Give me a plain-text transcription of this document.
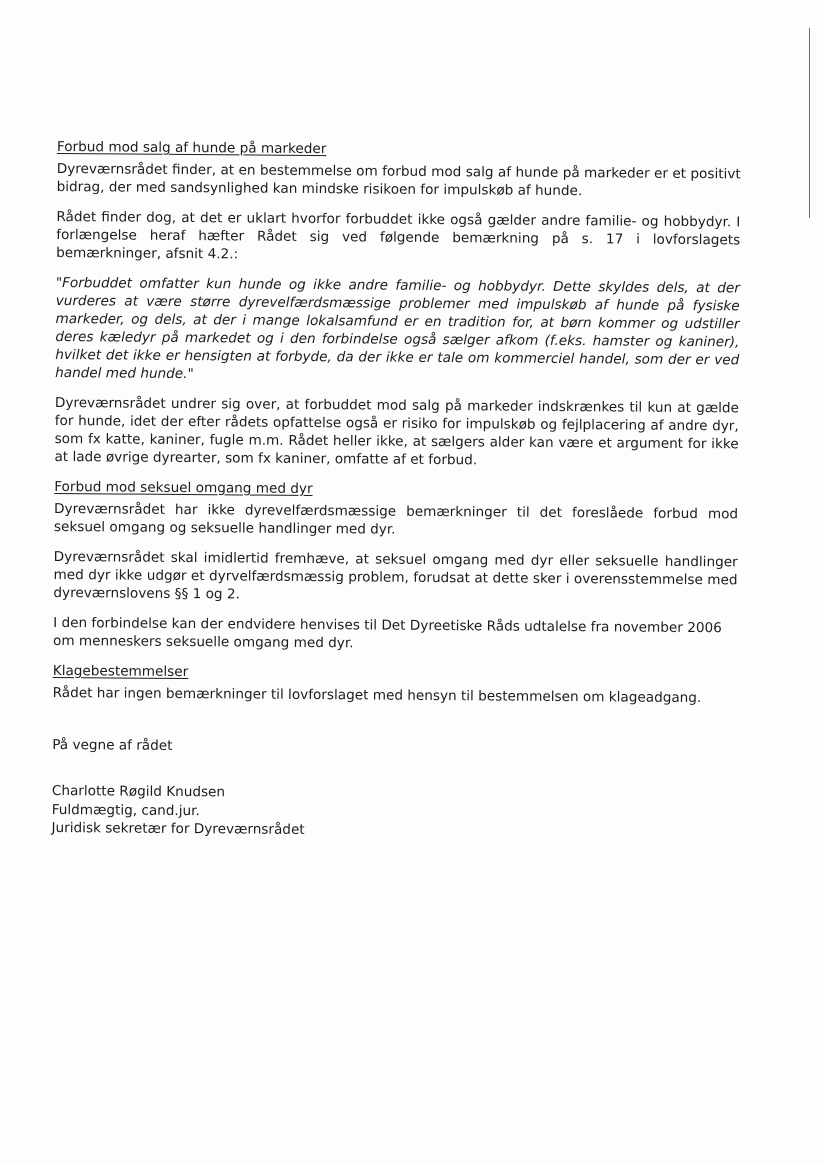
Forbud mod salg af hunde på markeder

Dyreværnsrådet finder, at en bestemmelse om forbud mod salg af hunde på markeder er et positivt bidrag, der med sandsynlighed kan mindske risikoen for impulskøb af hunde.

Rådet finder dog, at det er uklart hvorfor forbuddet ikke også gælder andre familie- og hobbydyr. I forlængelse heraf hæfter Rådet sig ved følgende bemærkning på s. 17 i lovforslagets bemærkninger, afsnit 4.2.:

"Forbuddet omfatter kun hunde og ikke andre familie- og hobbydyr. Dette skyldes dels, at der vurderes at være større dyrevelfærdsmæssige problemer med impulskøb af hunde på fysiske markeder, og dels, at der i mange lokalsamfund er en tradition for, at børn kommer og udstiller deres kæledyr på markedet og i den forbindelse også sælger afkom (f.eks. hamster og kaniner), hvilket det ikke er hensigten at forbyde, da der ikke er tale om kommerciel handel, som der er ved handel med hunde."

Dyreværnsrådet undrer sig over, at forbuddet mod salg på markeder indskrænkes til kun at gælde for hunde, idet der efter rådets opfattelse også er risiko for impulskøb og fejlplacering af andre dyr, som fx katte, kaniner, fugle m.m. Rådet heller ikke, at sælgers alder kan være et argument for ikke at lade øvrige dyrearter, som fx kaniner, omfatte af et forbud.

Forbud mod seksuel omgang med dyr

Dyreværnsrådet har ikke dyrevelfærdsmæssige bemærkninger til det foreslåede forbud mod seksuel omgang og seksuelle handlinger med dyr.

Dyreværnsrådet skal imidlertid fremhæve, at seksuel omgang med dyr eller seksuelle handlinger med dyr ikke udgør et dyrvelfærdsmæssig problem, forudsat at dette sker i overensstemmelse med dyreværnslovens §§ 1 og 2.

I den forbindelse kan der endvidere henvises til Det Dyreetiske Råds udtalelse fra november 2006 om menneskers seksuelle omgang med dyr.

Klagebestemmelser

Rådet har ingen bemærkninger til lovforslaget med hensyn til bestemmelsen om klageadgang.

På vegne af rådet

Charlotte Røgild Knudsen

Fuldmægtig, cand.jur.

Juridisk sekretær for Dyreværnsrådet
